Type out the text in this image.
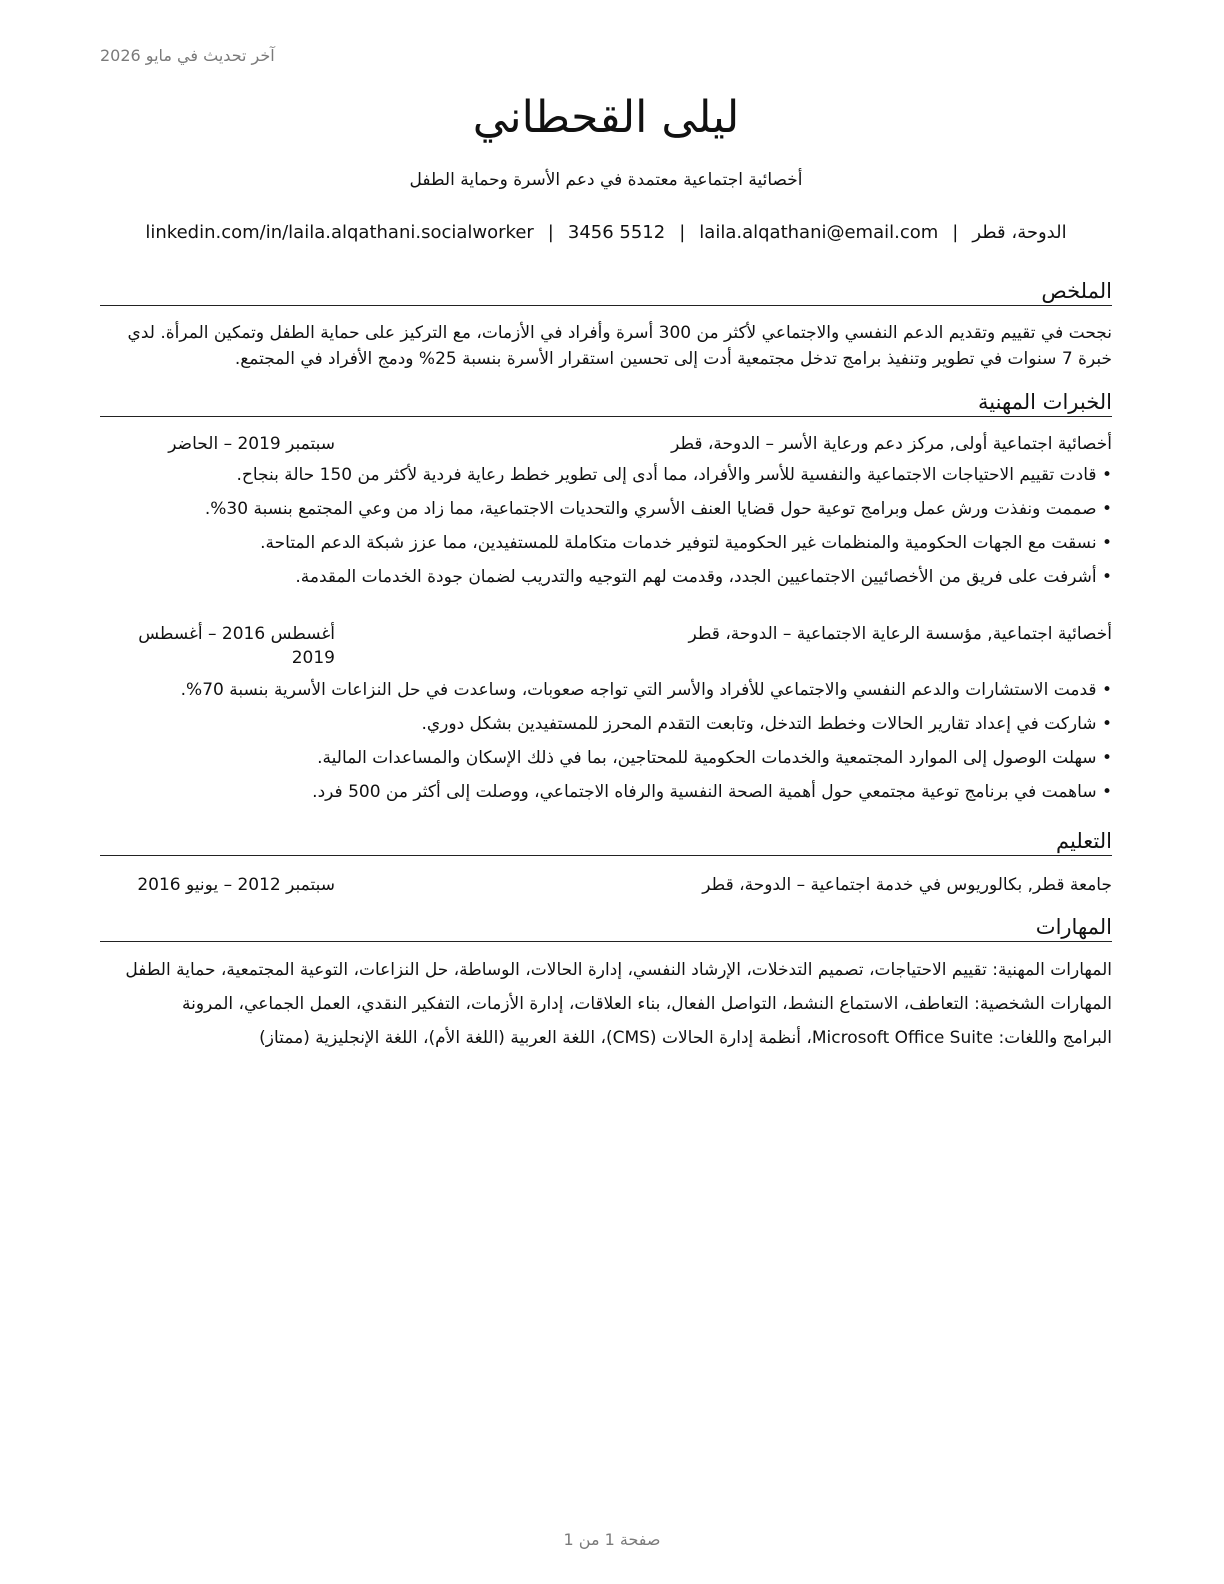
آخر تحديث في مايو 2026
ليلى القحطاني
أخصائية اجتماعية معتمدة في دعم الأسرة وحماية الطفل
الدوحة، قطر|laila.alqathani@email.com|3456 5512|linkedin.com/in/laila.alqathani.socialworker
الملخص
نجحت في تقييم وتقديم الدعم النفسي والاجتماعي لأكثر من 300 أسرة وأفراد في الأزمات، مع التركيز على حماية الطفل وتمكين المرأة. لدي خبرة 7 سنوات في تطوير وتنفيذ برامج تدخل مجتمعية أدت إلى تحسين استقرار الأسرة بنسبة 25% ودمج الأفراد في المجتمع.
الخبرات المهنية
أخصائية اجتماعية أولى, مركز دعم ورعاية الأسر – الدوحة، قطر
سبتمبر 2019 – الحاضر
• قادت تقييم الاحتياجات الاجتماعية والنفسية للأسر والأفراد، مما أدى إلى تطوير خطط رعاية فردية لأكثر من 150 حالة بنجاح.
• صممت ونفذت ورش عمل وبرامج توعية حول قضايا العنف الأسري والتحديات الاجتماعية، مما زاد من وعي المجتمع بنسبة 30%.
• نسقت مع الجهات الحكومية والمنظمات غير الحكومية لتوفير خدمات متكاملة للمستفيدين، مما عزز شبكة الدعم المتاحة.
• أشرفت على فريق من الأخصائيين الاجتماعيين الجدد، وقدمت لهم التوجيه والتدريب لضمان جودة الخدمات المقدمة.
أخصائية اجتماعية, مؤسسة الرعاية الاجتماعية – الدوحة، قطر
أغسطس 2016 – أغسطس
2019
• قدمت الاستشارات والدعم النفسي والاجتماعي للأفراد والأسر التي تواجه صعوبات، وساعدت في حل النزاعات الأسرية بنسبة 70%.
• شاركت في إعداد تقارير الحالات وخطط التدخل، وتابعت التقدم المحرز للمستفيدين بشكل دوري.
• سهلت الوصول إلى الموارد المجتمعية والخدمات الحكومية للمحتاجين، بما في ذلك الإسكان والمساعدات المالية.
• ساهمت في برنامج توعية مجتمعي حول أهمية الصحة النفسية والرفاه الاجتماعي، ووصلت إلى أكثر من 500 فرد.
التعليم
جامعة قطر, بكالوريوس في خدمة اجتماعية – الدوحة، قطر
سبتمبر 2012 – يونيو 2016
المهارات

المهارات المهنية: تقييم الاحتياجات، تصميم التدخلات، الإرشاد النفسي، إدارة الحالات، الوساطة، حل النزاعات، التوعية المجتمعية، حماية الطفل

المهارات الشخصية: التعاطف، الاستماع النشط، التواصل الفعال، بناء العلاقات، إدارة الأزمات، التفكير النقدي، العمل الجماعي، المرونة

البرامج واللغات: Microsoft Office Suite، أنظمة إدارة الحالات (CMS)، اللغة العربية (اللغة الأم)، اللغة الإنجليزية (ممتاز)

صفحة 1 من 1
